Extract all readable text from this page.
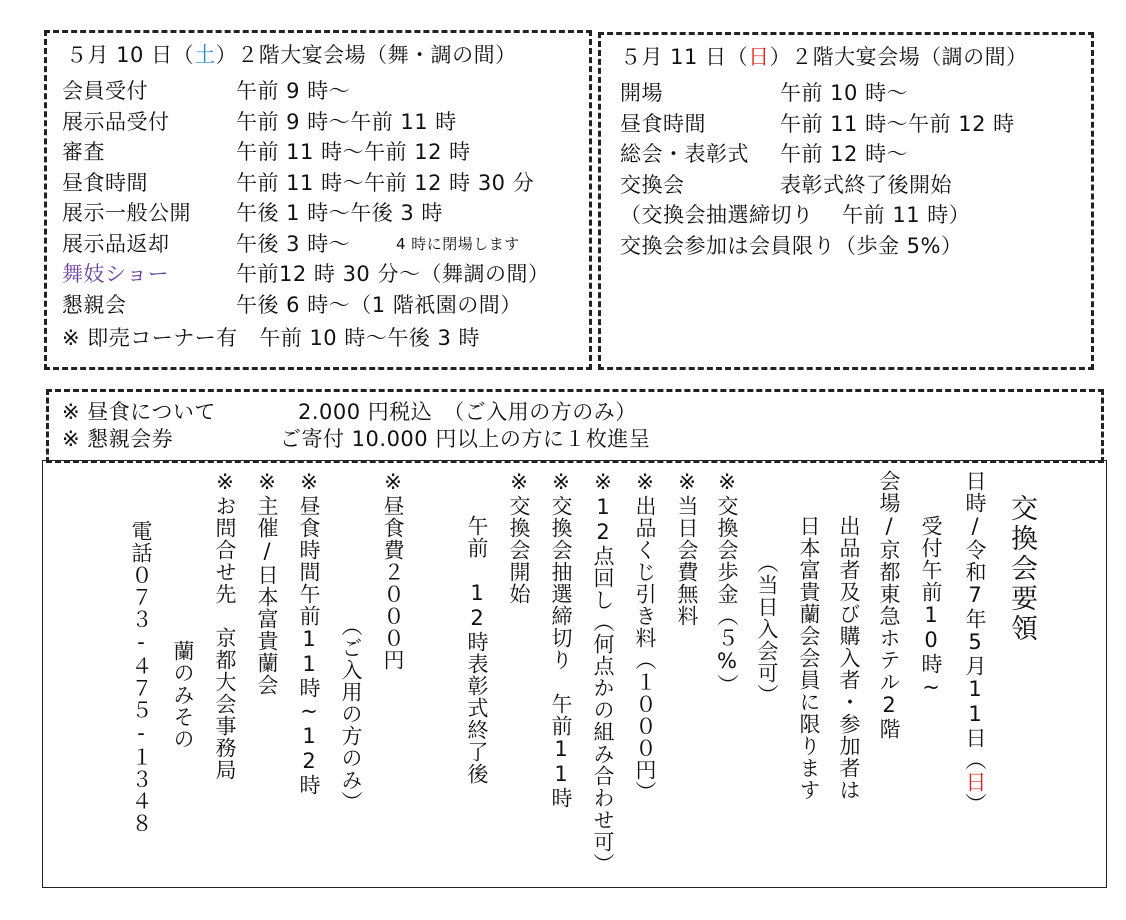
５月 10 日（土）２階大宴会場（舞・調の間）
会員受付	午前 9 時～
展示品受付	午前 9 時～午前 11 時
審査	午前 11 時～午前 12 時
昼食時間	午前 11 時～午前 12 時 30 分
展示一般公開 午後 1 時～午後 3 時
展示品返却	午後 3 時～	4 時に閉場します
舞妓ショー	午前12 時 30 分～（舞調の間）
懇親会	午後 6 時～（1 階祇園の間）
※ 即売コーナー有　午前 10 時～午後 3 時
５月 11 日（日）２階大宴会場（調の間）
開場	午前 10 時～
昼食時間	午前 11 時～午前 12 時
総会・表彰式 午前 12 時～
交換会	表彰式終了後開始
（交換会抽選締切り　 午前 11 時）
交換会参加は会員限り（歩金 5%）
※ 昼食について	2.000 円税込　（ご入用の方のみ）
※ 懇親会券	ご寄付 10.000 円以上の方に１枚進呈
交換会要領
日時/令和7年5月11日（日）
受付午前10時~
会場/京都東急ホテル2階
出品者及び購入者・参加者は
日本富貴蘭会会員に限ります
（当日入会可）
※交換会歩金（５%）
※当日会費無料
※出品くじ引き料（１０００円）
※12点回し（何点かの組み合わせ可）
※交換会抽選締切り　午前11時
※交換会開始
午前　12時表彰式終了後
※昼食費２０００円
（ご入用の方のみ）
※昼食時間午前11時~12時
※主催/日本富貴蘭会
※お問合せ先　京都大会事務局
蘭のみその
電話０７３-４７５-１３４８
